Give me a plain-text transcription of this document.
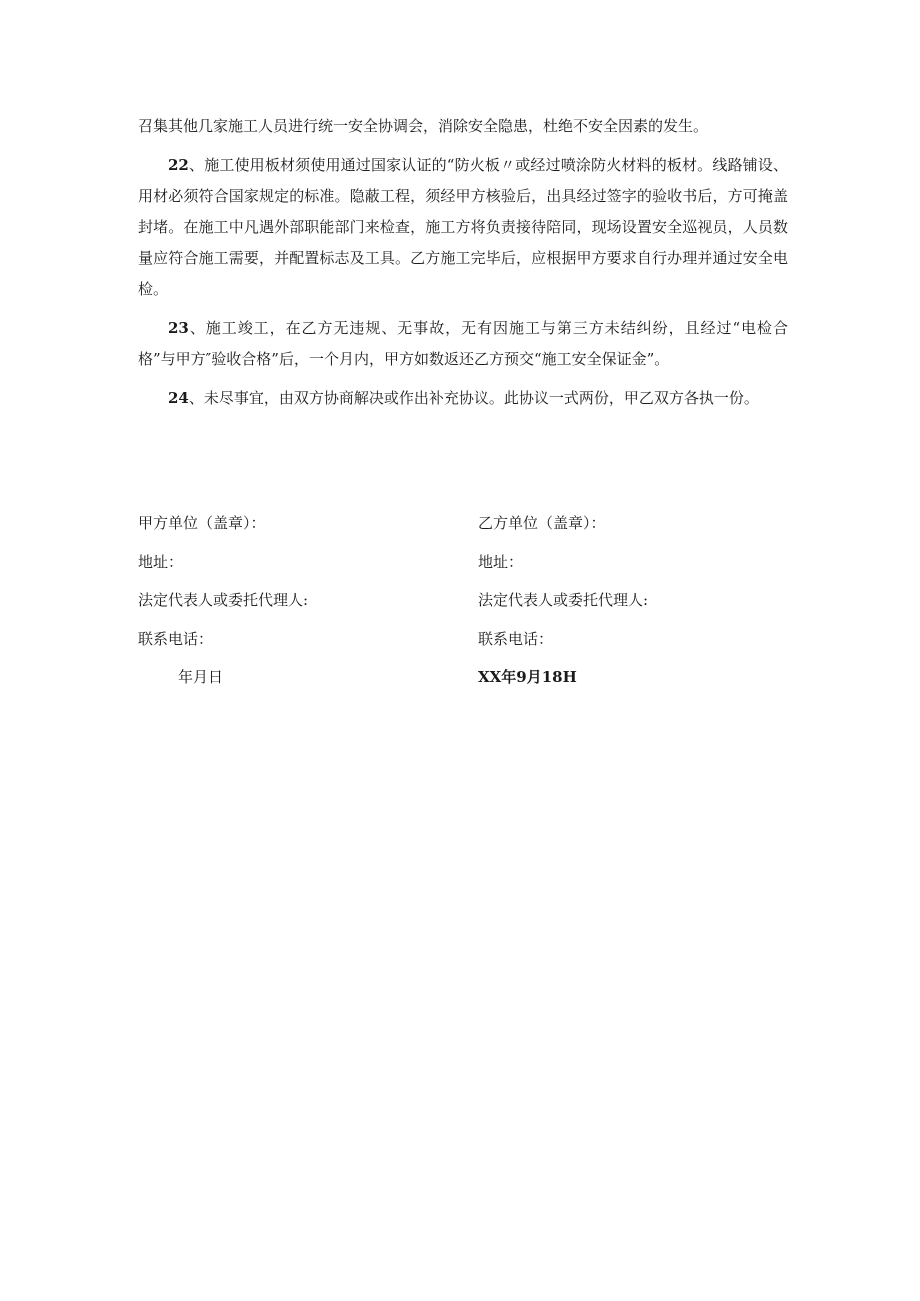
召集其他几家施工人员进行统一安全协调会，消除安全隐患，杜绝不安全因素的发生。

22、施工使用板材须使用通过国家认证的“防火板〃或经过喷涂防火材料的板材。线路铺设、用材必须符合国家规定的标准。隐蔽工程，须经甲方核验后，出具经过签字的验收书后，方可掩盖封堵。在施工中凡遇外部职能部门来检查，施工方将负责接待陪同，现场设置安全巡视员，人员数量应符合施工需要，并配置标志及工具。乙方施工完毕后，应根据甲方要求自行办理并通过安全电检。

23、施工竣工，在乙方无违规、无事故，无有因施工与第三方未结纠纷，且经过“电检合格”与甲方″验收合格”后，一个月内，甲方如数返还乙方预交“施工安全保证金”。

24、未尽事宜，由双方协商解决或作出补充协议。此协议一式两份，甲乙双方各执一份。

甲方单位（盖章）：
地址：
法定代表人或委托代理人:
联系电话：
年月日
乙方单位（盖章）：
地址：
法定代表人或委托代理人:
联系电话：
XX年9月18H
